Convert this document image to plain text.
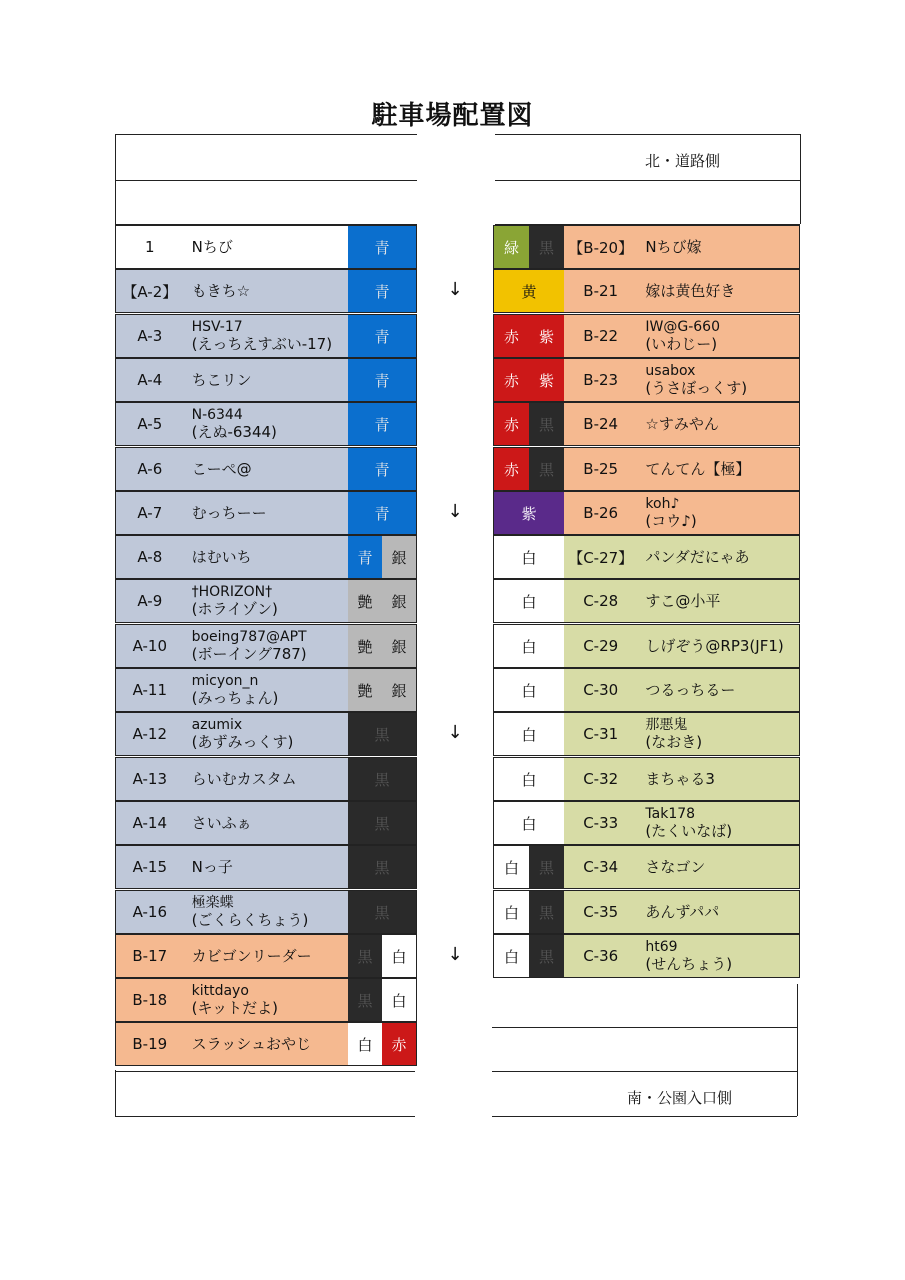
駐車場配置図
北・道路側
1 Nちび	青
【A-2】 もきち☆	青
A-3 HSV-17
(えっちえすぶい-17)	青
A-4 ちこリン	青
A-5 N-6344
(えぬ-6344)	青
A-6 こーぺ@	青
A-7 むっちーー	青
A-8 はむいち	青	銀
A-9 †HORIZON†
(ホライゾン)	艶	銀
A-10 boeing787@APT
(ボーイング787)	艶	銀
A-11 micyon_n
(みっちょん)	艶	銀
A-12 azumix
(あずみっくす)	黒
A-13 らいむカスタム	黒
A-14 さいふぁ	黒
A-15 Nっ子	黒
A-16 極楽蝶
(ごくらくちょう)	黒
B-17 カビゴンリーダー	黒	白
B-18 kittdayo
(キットだよ)	黒	白
B-19 スラッシュおやじ	白	赤
緑	黒 【B-20】 Nちび嫁
黄	B-21 嫁は黄色好き
赤	紫	B-22 IW@G-660
(いわじー)
赤	紫	B-23 usabox
(うさぼっくす)
赤	黒	B-24 ☆すみやん
赤	黒	B-25 てんてん【極】
紫	B-26 koh♪
(コウ♪)
白	【C-27】 パンダだにゃあ
白	C-28 すこ@小平
白	C-29 しげぞう@RP3(JF1)
白	C-30 つるっちるー
白	C-31 那悪鬼
(なおき)
白	C-32 まちゃる3
白	C-33 Tak178
(たくいなば)
白	黒	C-34 さなゴン
白	黒	C-35 あんずパパ
白	黒	C-36 ht69
(せんちょう)
↓
↓
↓
↓
南・公園入口側
